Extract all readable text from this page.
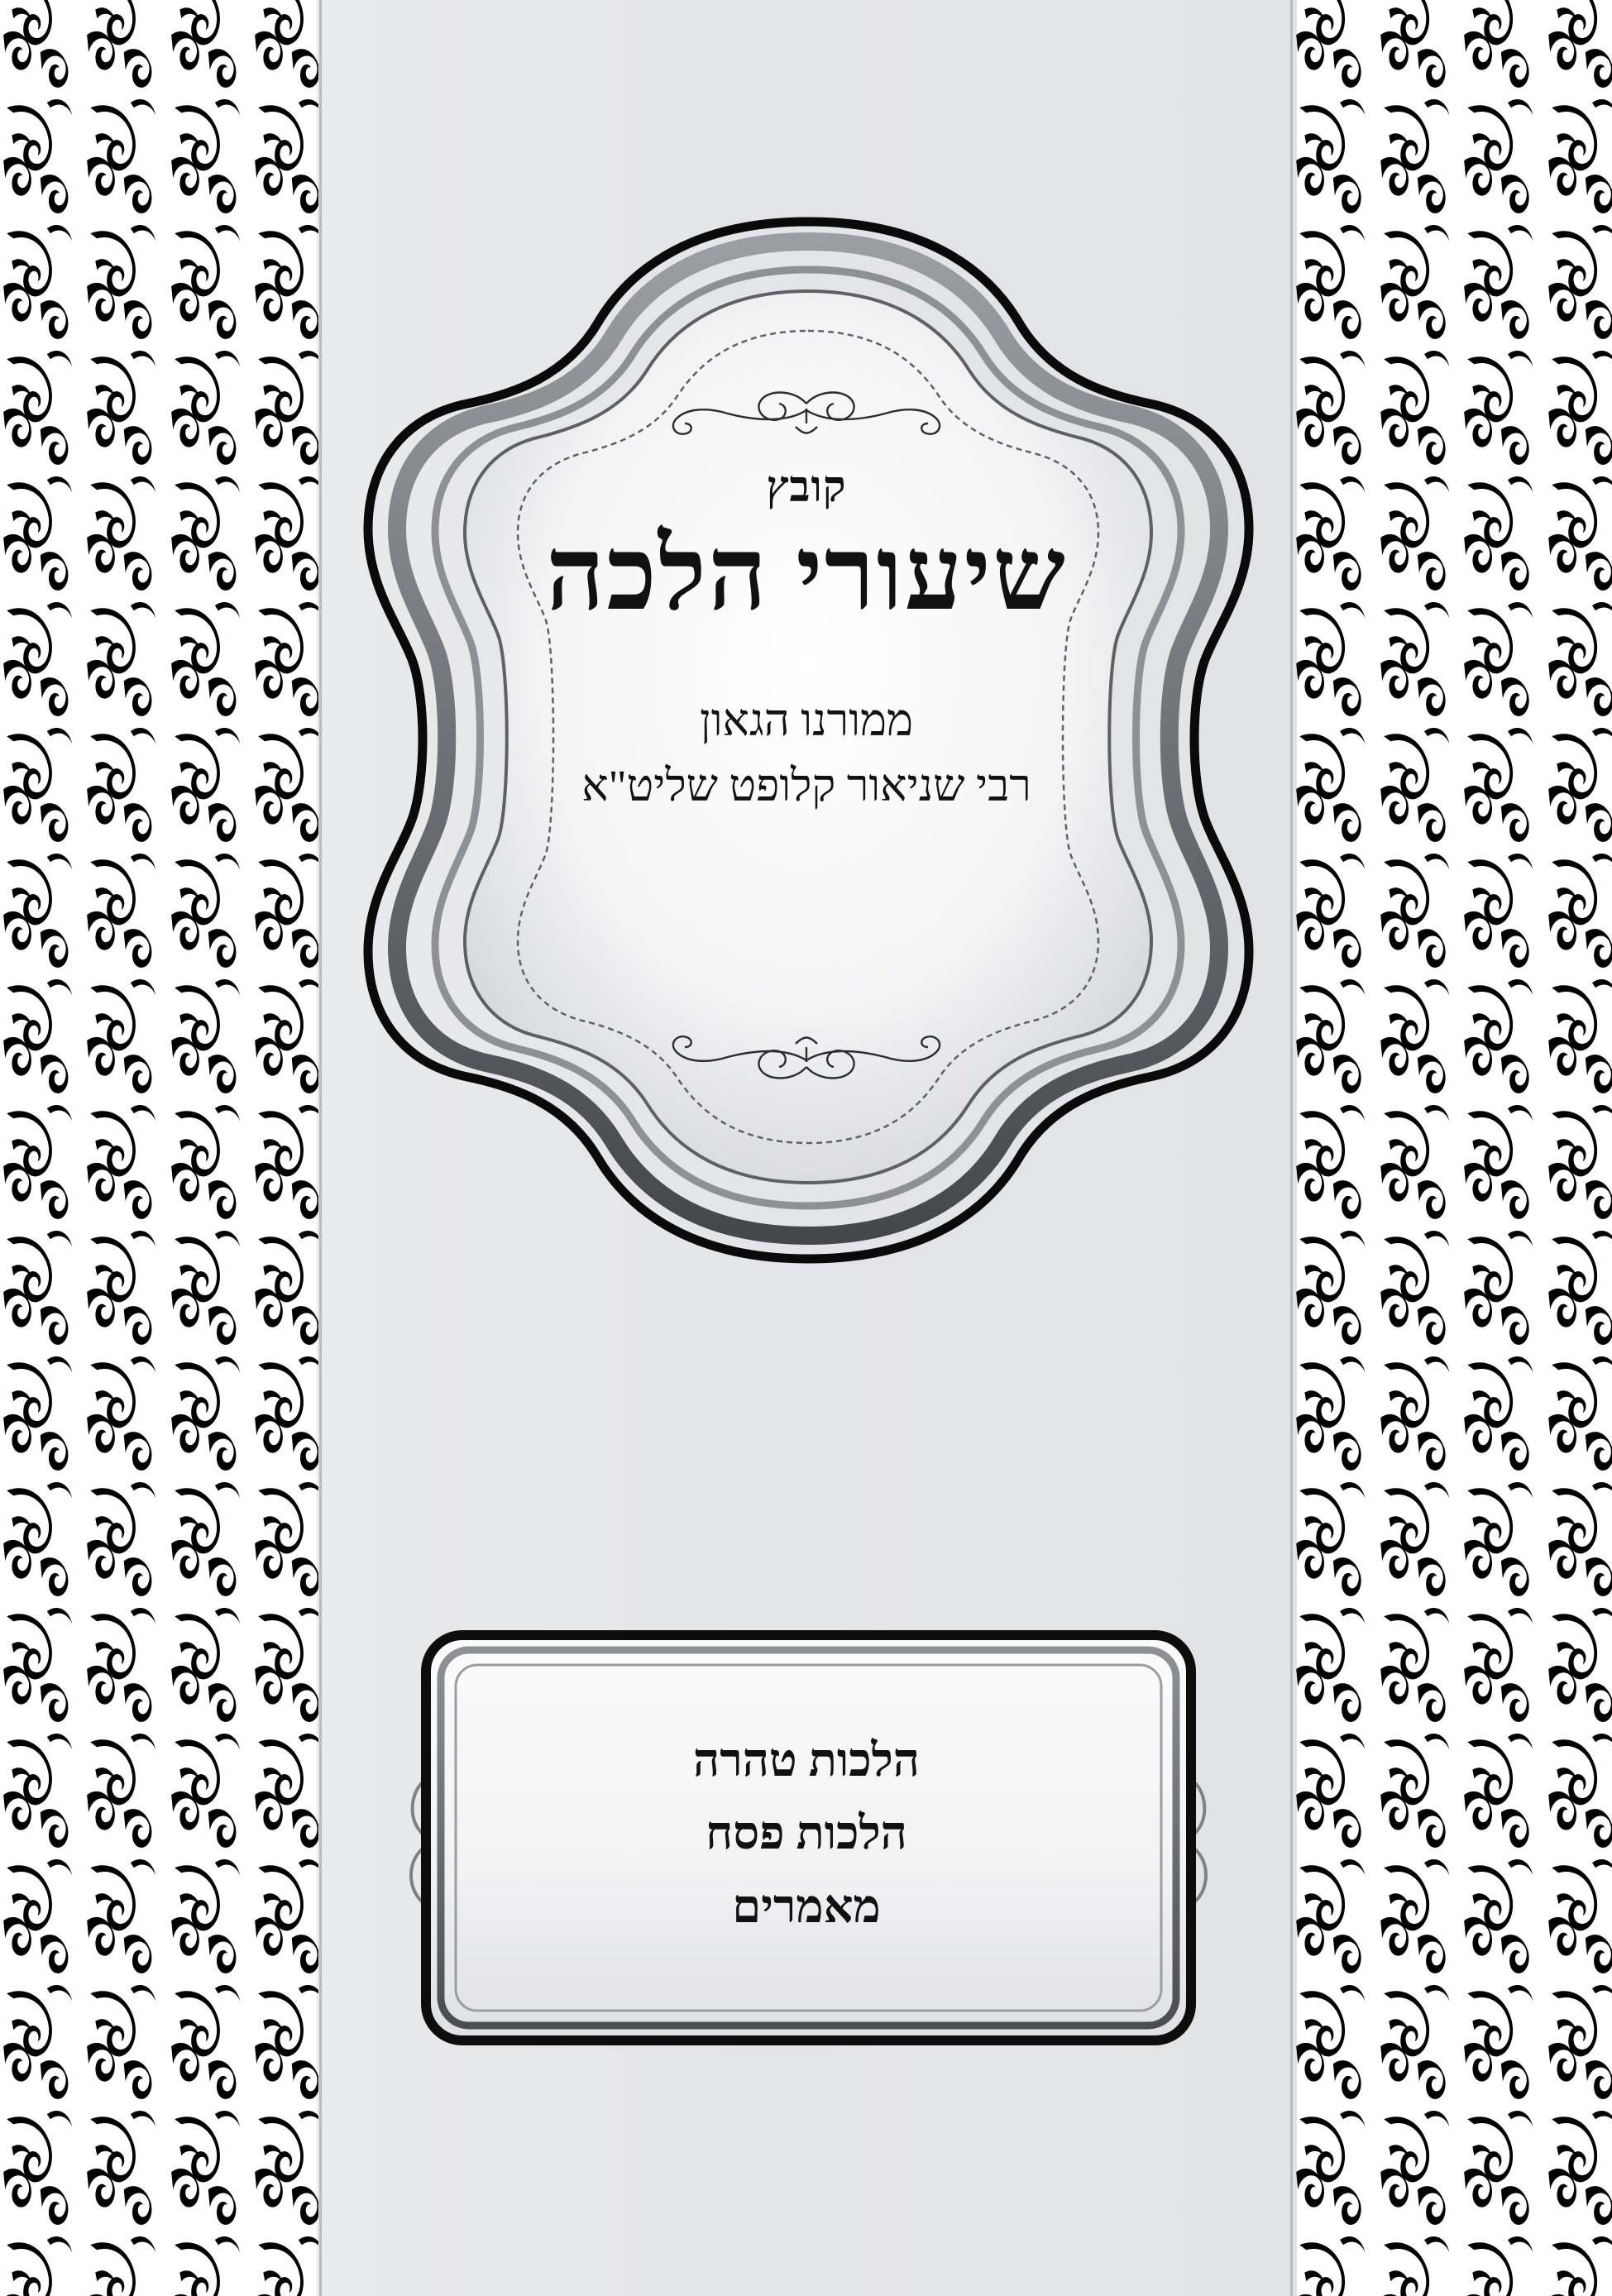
קובץ
שיעורי הלכה
ממורנו הגאון
רבי שניאור קלופט שליט"א
הלכות טהרה
הלכות פסח
מאמרים
